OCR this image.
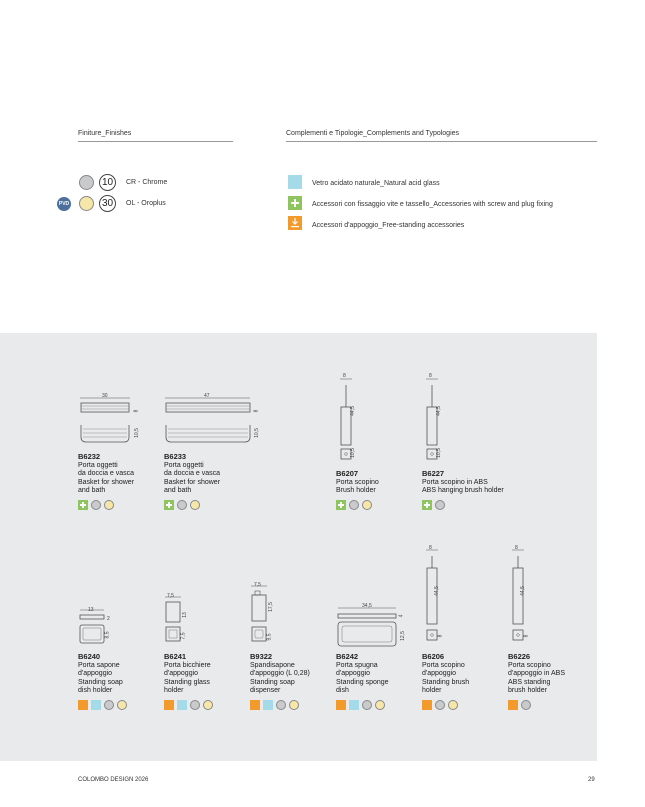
Finiture_Finishes	Complementi e Tipologie_Complements and Typologies
10	CR - Chrome
PVD	30	OL - Oroplus
Vetro acidato naturale_Natural acid glass
Accessori con fissaggio vite e tassello_Accessories with screw and plug fixing
Accessori d'appoggio_Free-standing accessories
30
8
10,5
47
8
10,5
8
44,5
10,5
8
44,5
10,5
B6232
Porta oggetti
da doccia e vasca
Basket for shower
and bath
B6233
Porta oggetti
da doccia e vasca
Basket for shower
and bath
B6207
Porta scopino
Brush holder
B6227
Porta scopino in ABS
ABS hanging brush holder
13
2
8,5
7,5
13
7,5
7,5
17,5
9,5
34,5
4
12,5
8
44,5
8
8
44,5
8
B6240
Porta sapone
d'appoggio
Standing soap
dish holder
B6241
Porta bicchiere
d'appoggio
Standing glass
holder
B9322
Spandisapone
d'appoggio (L 0,28)
Standing soap
dispenser
B6242
Porta spugna
d'appoggio
Standing sponge
dish
B6206
Porta scopino
d'appoggio
Standing brush
holder
B6226
Porta scopino
d'appoggio in ABS
ABS standing
brush holder
COLOMBO DESIGN 2026	29
